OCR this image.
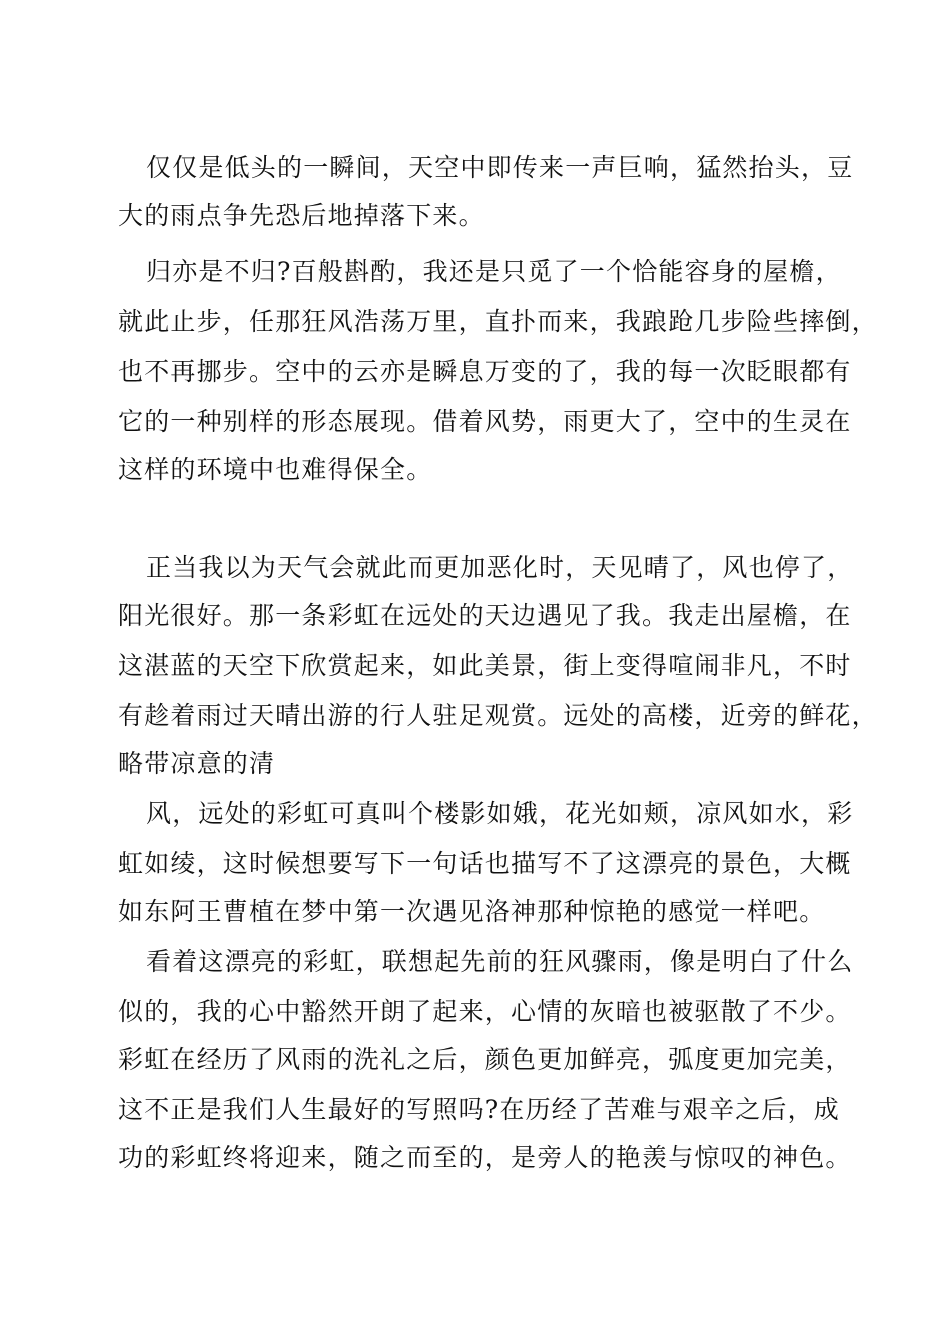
仅仅是低头的一瞬间，天空中即传来一声巨响，猛然抬头，豆
大的雨点争先恐后地掉落下来。
归亦是不归?百般斟酌，我还是只觅了一个恰能容身的屋檐，
就此止步，任那狂风浩荡万里，直扑而来，我踉跄几步险些摔倒，
也不再挪步。空中的云亦是瞬息万变的了，我的每一次眨眼都有
它的一种别样的形态展现。借着风势，雨更大了，空中的生灵在
这样的环境中也难得保全。
正当我以为天气会就此而更加恶化时，天见晴了，风也停了，
阳光很好。那一条彩虹在远处的天边遇见了我。我走出屋檐，在
这湛蓝的天空下欣赏起来，如此美景，街上变得喧闹非凡，不时
有趁着雨过天晴出游的行人驻足观赏。远处的高楼，近旁的鲜花，
略带凉意的清
风，远处的彩虹可真叫个楼影如娥，花光如颊，凉风如水，彩
虹如绫，这时候想要写下一句话也描写不了这漂亮的景色，大概
如东阿王曹植在梦中第一次遇见洛神那种惊艳的感觉一样吧。
看着这漂亮的彩虹，联想起先前的狂风骤雨，像是明白了什么
似的，我的心中豁然开朗了起来，心情的灰暗也被驱散了不少。
彩虹在经历了风雨的洗礼之后，颜色更加鲜亮，弧度更加完美，
这不正是我们人生最好的写照吗?在历经了苦难与艰辛之后，成
功的彩虹终将迎来，随之而至的，是旁人的艳羡与惊叹的神色。
